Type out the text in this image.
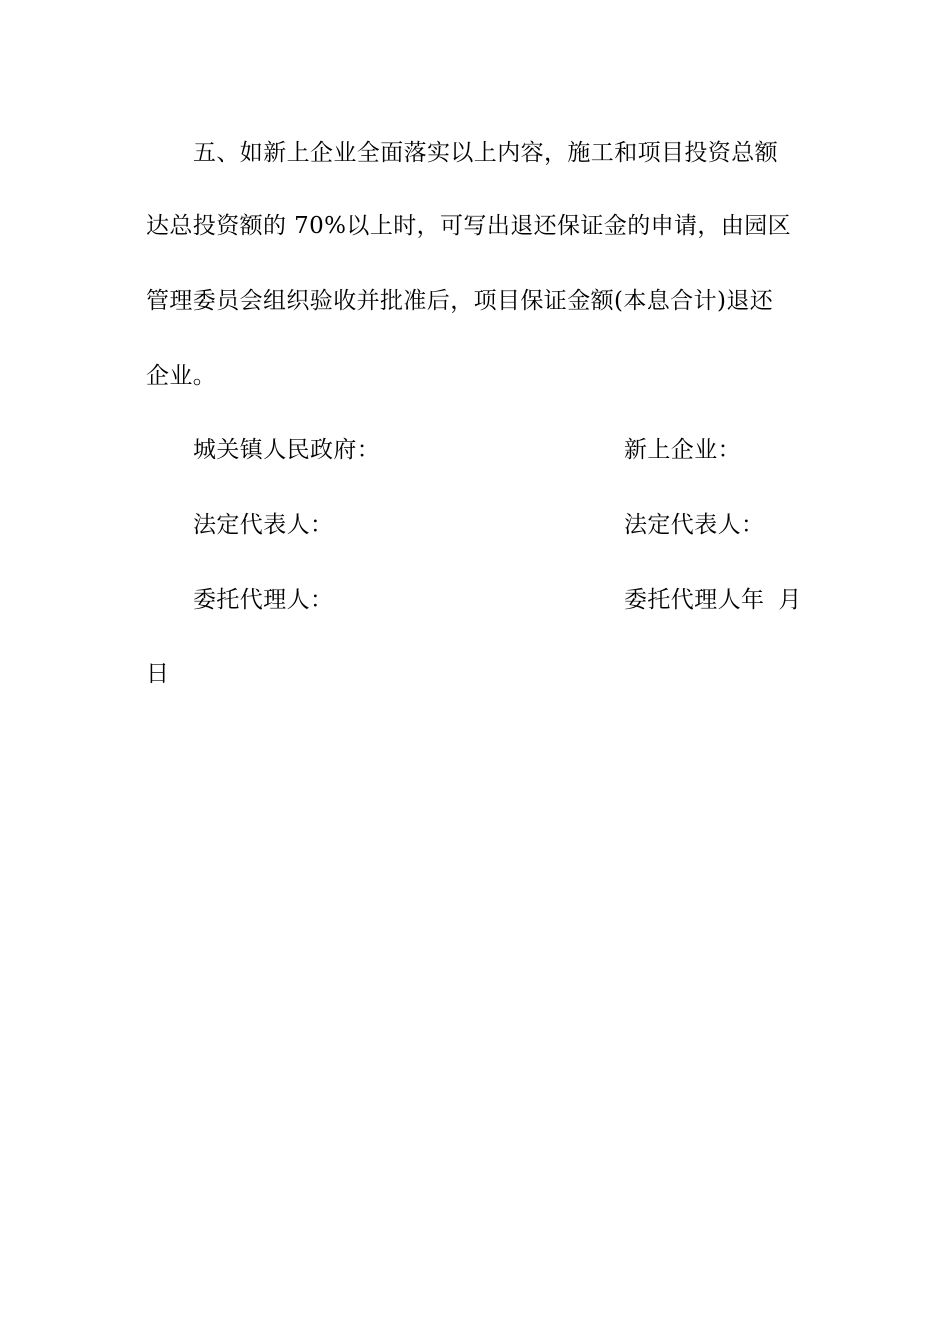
五、如新上企业全面落实以上内容，施工和项目投资总额
达总投资额的 70%以上时，可写出退还保证金的申请，由园区
管理委员会组织验收并批准后，项目保证金额(本息合计)退还
企业。
城关镇人民政府：	新上企业：
法定代表人：	法定代表人：
委托代理人：	委托代理人年 月
日
